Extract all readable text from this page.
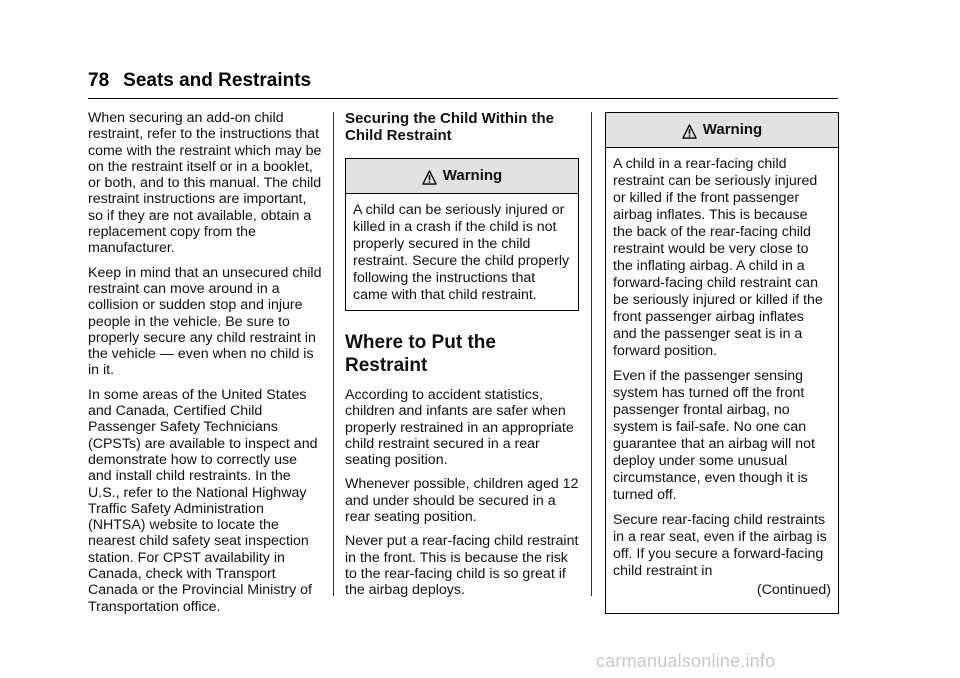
78 Seats and Restraints

When securing an add-on child restraint, refer to the instructions that come with the restraint which may be on the restraint itself or in a booklet, or both, and to this manual. The child restraint instructions are important, so if they are not available, obtain a replacement copy from the manufacturer.

Keep in mind that an unsecured child restraint can move around in a collision or sudden stop and injure people in the vehicle. Be sure to properly secure any child restraint in the vehicle — even when no child is in it.

In some areas of the United States and Canada, Certified Child Passenger Safety Technicians (CPSTs) are available to inspect and demonstrate how to correctly use and install child restraints. In the U.S., refer to the National Highway Traffic Safety Administration (NHTSA) website to locate the nearest child safety seat inspection station. For CPST availability in Canada, check with Transport Canada or the Provincial Ministry of Transportation office.

Securing the Child Within the Child Restraint
Warning

A child can be seriously injured or killed in a crash if the child is not properly secured in the child restraint. Secure the child properly following the instructions that came with that child restraint.

Where to Put the Restraint

According to accident statistics, children and infants are safer when properly restrained in an appropriate child restraint secured in a rear seating position.

Whenever possible, children aged 12 and under should be secured in a rear seating position.

Never put a rear-facing child restraint in the front. This is because the risk to the rear-facing child is so great if the airbag deploys.

Warning

A child in a rear-facing child restraint can be seriously injured or killed if the front passenger airbag inflates. This is because the back of the rear-facing child restraint would be very close to the inflating airbag. A child in a forward-facing child restraint can be seriously injured or killed if the front passenger airbag inflates and the passenger seat is in a forward position.

Even if the passenger sensing system has turned off the front passenger frontal airbag, no system is fail-safe. No one can guarantee that an airbag will not deploy under some unusual circumstance, even though it is turned off.

Secure rear-facing child restraints in a rear seat, even if the airbag is off. If you secure a forward-facing child restraint in

(Continued)

carmanualsonline.info
